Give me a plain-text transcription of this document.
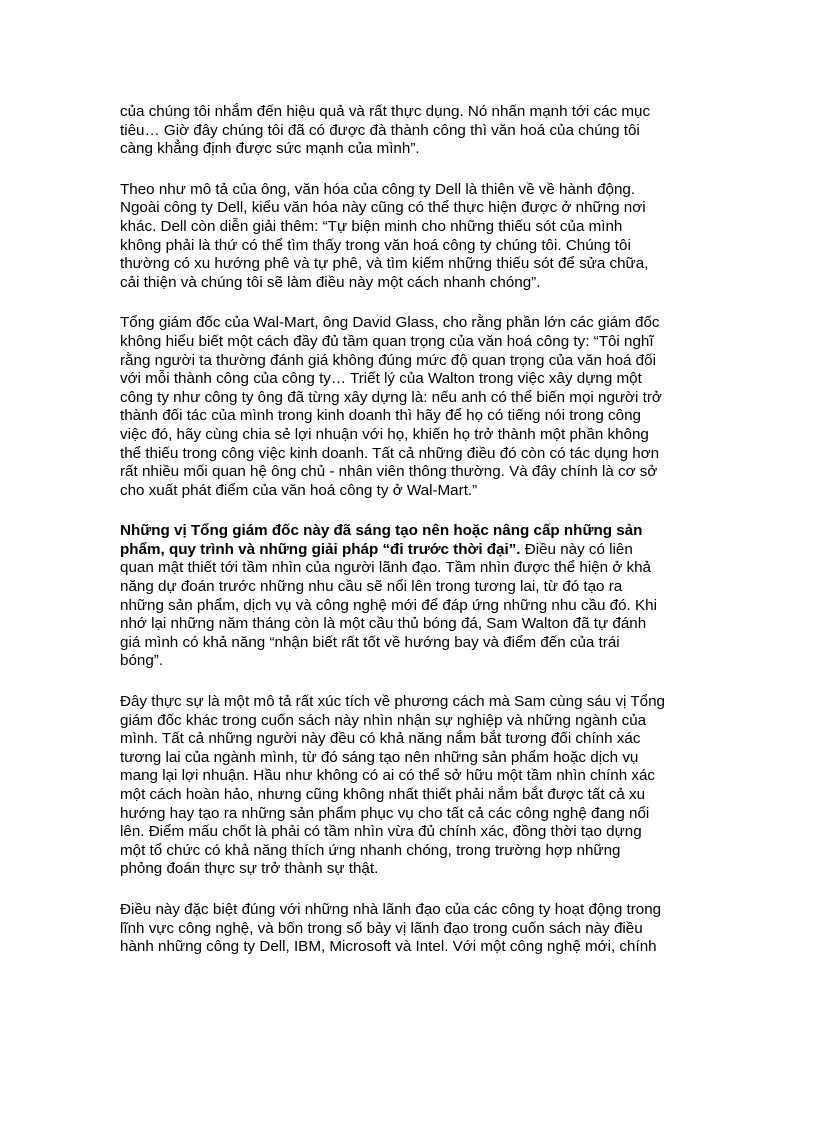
của chúng tôi nhắm đến hiệu quả và rất thực dụng. Nó nhấn mạnh tới các mục
tiêu… Giờ đây chúng tôi đã có được đà thành công thì văn hoá của chúng tôi
càng khẳng định được sức mạnh của mình”.

Theo như mô tả của ông, văn hóa của công ty Dell là thiên về về hành động.
Ngoài công ty Dell, kiểu văn hóa này cũng có thể thực hiện được ở những nơi
khác. Dell còn diễn giải thêm: “Tự biện minh cho những thiếu sót của mình
không phải là thứ có thể tìm thấy trong văn hoá công ty chúng tôi. Chúng tôi
thường có xu hướng phê và tự phê, và tìm kiếm những thiếu sót để sửa chữa,
cải thiện và chúng tôi sẽ làm điều này một cách nhanh chóng”.

Tổng giám đốc của Wal-Mart, ông David Glass, cho rằng phần lớn các giám đốc
không hiểu biết một cách đầy đủ tầm quan trọng của văn hoá công ty: “Tôi nghĩ
rằng người ta thường đánh giá không đúng mức độ quan trọng của văn hoá đối
với mỗi thành công của công ty… Triết lý của Walton trong việc xây dựng một
công ty như công ty ông đã từng xây dựng là: nếu anh có thể biến mọi người trở
thành đối tác của mình trong kinh doanh thì hãy để họ có tiếng nói trong công
việc đó, hãy cùng chia sẻ lợi nhuận với họ, khiến họ trở thành một phần không
thể thiếu trong công việc kinh doanh. Tất cả những điều đó còn có tác dụng hơn
rất nhiều mối quan hệ ông chủ - nhân viên thông thường. Và đây chính là cơ sở
cho xuất phát điểm của văn hoá công ty ở Wal-Mart.”

Những vị Tổng giám đốc này đã sáng tạo nên hoặc nâng cấp những sản
phẩm, quy trình và những giải pháp “đi trước thời đại”. Điều này có liên
quan mật thiết tới tầm nhìn của người lãnh đạo. Tầm nhìn được thể hiện ở khả
năng dự đoán trước những nhu cầu sẽ nổi lên trong tương lai, từ đó tạo ra
những sản phẩm, dịch vụ và công nghệ mới để đáp ứng những nhu cầu đó. Khi
nhớ lại những năm tháng còn là một cầu thủ bóng đá, Sam Walton đã tự đánh
giá mình có khả năng “nhận biết rất tốt về hướng bay và điểm đến của trái
bóng”.

Đây thực sự là một mô tả rất xúc tích về phương cách mà Sam cùng sáu vị Tổng
giám đốc khác trong cuốn sách này nhìn nhận sự nghiệp và những ngành của
mình. Tất cả những người này đều có khả năng nắm bắt tương đối chính xác
tương lai của ngành mình, từ đó sáng tạo nên những sản phẩm hoặc dịch vụ
mang lại lợi nhuận. Hầu như không có ai có thể sở hữu một tầm nhìn chính xác
một cách hoàn hảo, nhưng cũng không nhất thiết phải nắm bắt được tất cả xu
hướng hay tạo ra những sản phẩm phục vụ cho tất cả các công nghệ đang nổi
lên. Điểm mấu chốt là phải có tầm nhìn vừa đủ chính xác, đồng thời tạo dựng
một tổ chức có khả năng thích ứng nhanh chóng, trong trường hợp những
phỏng đoán thực sự trở thành sự thật.

Điều này đặc biệt đúng với những nhà lãnh đạo của các công ty hoạt động trong
lĩnh vực công nghệ, và bốn trong số bảy vị lãnh đạo trong cuốn sách này điều
hành những công ty Dell, IBM, Microsoft và Intel. Với một công nghệ mới, chính
